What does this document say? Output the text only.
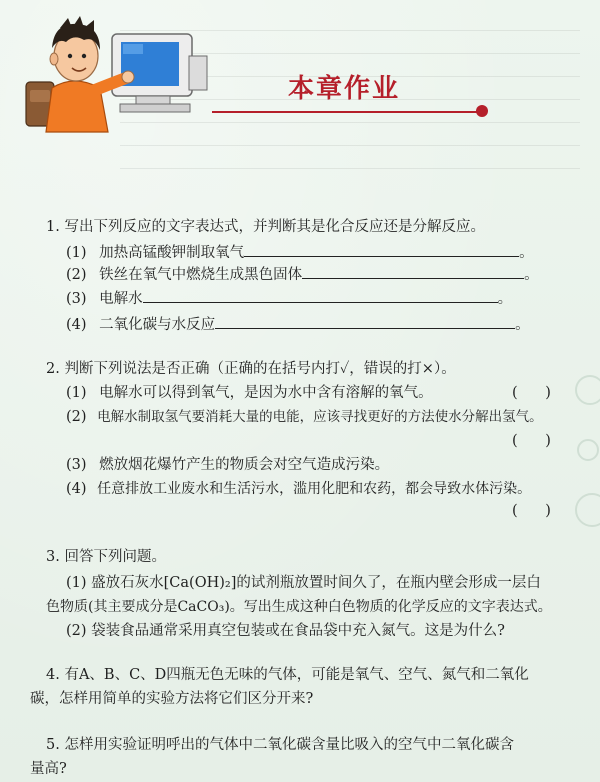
本章作业
1. 写出下列反应的文字表达式，并判断其是化合反应还是分解反应。
(1) 加热高锰酸钾制取氧气	。
(2) 铁丝在氧气中燃烧生成黑色固体	。
(3) 电解水	。
(4) 二氧化碳与水反应	。
2. 判断下列说法是否正确（正确的在括号内打✓，错误的打×）。
(1) 电解水可以得到氧气，是因为水中含有溶解的氧气。	(      )
(2) 电解水制取氢气要消耗大量的电能，应该寻找更好的方法使水分解出氢气。
(      )
(3) 燃放烟花爆竹产生的物质会对空气造成污染。
(4) 任意排放工业废水和生活污水，滥用化肥和农药，都会导致水体污染。
(      )
3. 回答下列问题。
(1) 盛放石灰水[Ca(OH)₂]的试剂瓶放置时间久了，在瓶内壁会形成一层白
色物质(其主要成分是CaCO₃)。写出生成这种白色物质的化学反应的文字表达式。
(2) 袋装食品通常采用真空包装或在食品袋中充入氮气。这是为什么?
4. 有A、B、C、D四瓶无色无味的气体，可能是氧气、空气、氮气和二氧化
碳，怎样用简单的实验方法将它们区分开来?
5. 怎样用实验证明呼出的气体中二氧化碳含量比吸入的空气中二氧化碳含
量高?
